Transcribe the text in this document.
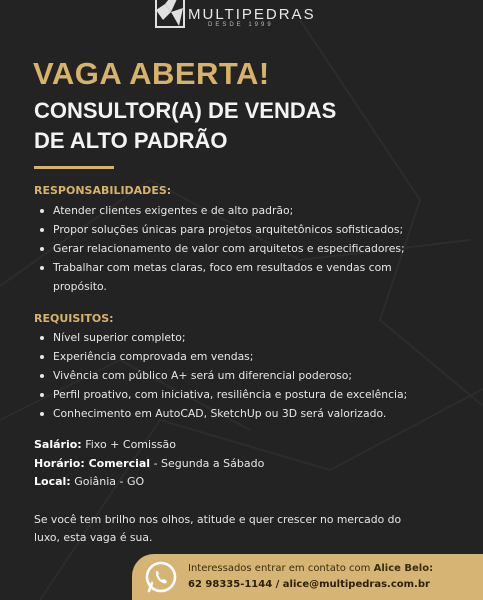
MULTIPEDRAS
DESDE 1999
VAGA ABERTA!
CONSULTOR(A) DE VENDAS
DE ALTO PADRÃO
RESPONSABILIDADES:
Atender clientes exigentes e de alto padrão;
Propor soluções únicas para projetos arquitetônicos sofisticados;
Gerar relacionamento de valor com arquitetos e especificadores;
Trabalhar com metas claras, foco em resultados e vendas com propósito.
REQUISITOS:
Nível superior completo;
Experiência comprovada em vendas;
Vivência com público A+ será um diferencial poderoso;
Perfil proativo, com iniciativa, resiliência e postura de excelência;
Conhecimento em AutoCAD, SketchUp ou 3D será valorizado.
Salário: Fixo + Comissão
Horário: Comercial - Segunda a Sábado
Local: Goiânia - GO
Se você tem brilho nos olhos, atitude e quer crescer no mercado do luxo, esta vaga é sua.
Interessados entrar em contato com Alice Belo:
62 98335-1144 / alice@multipedras.com.br
